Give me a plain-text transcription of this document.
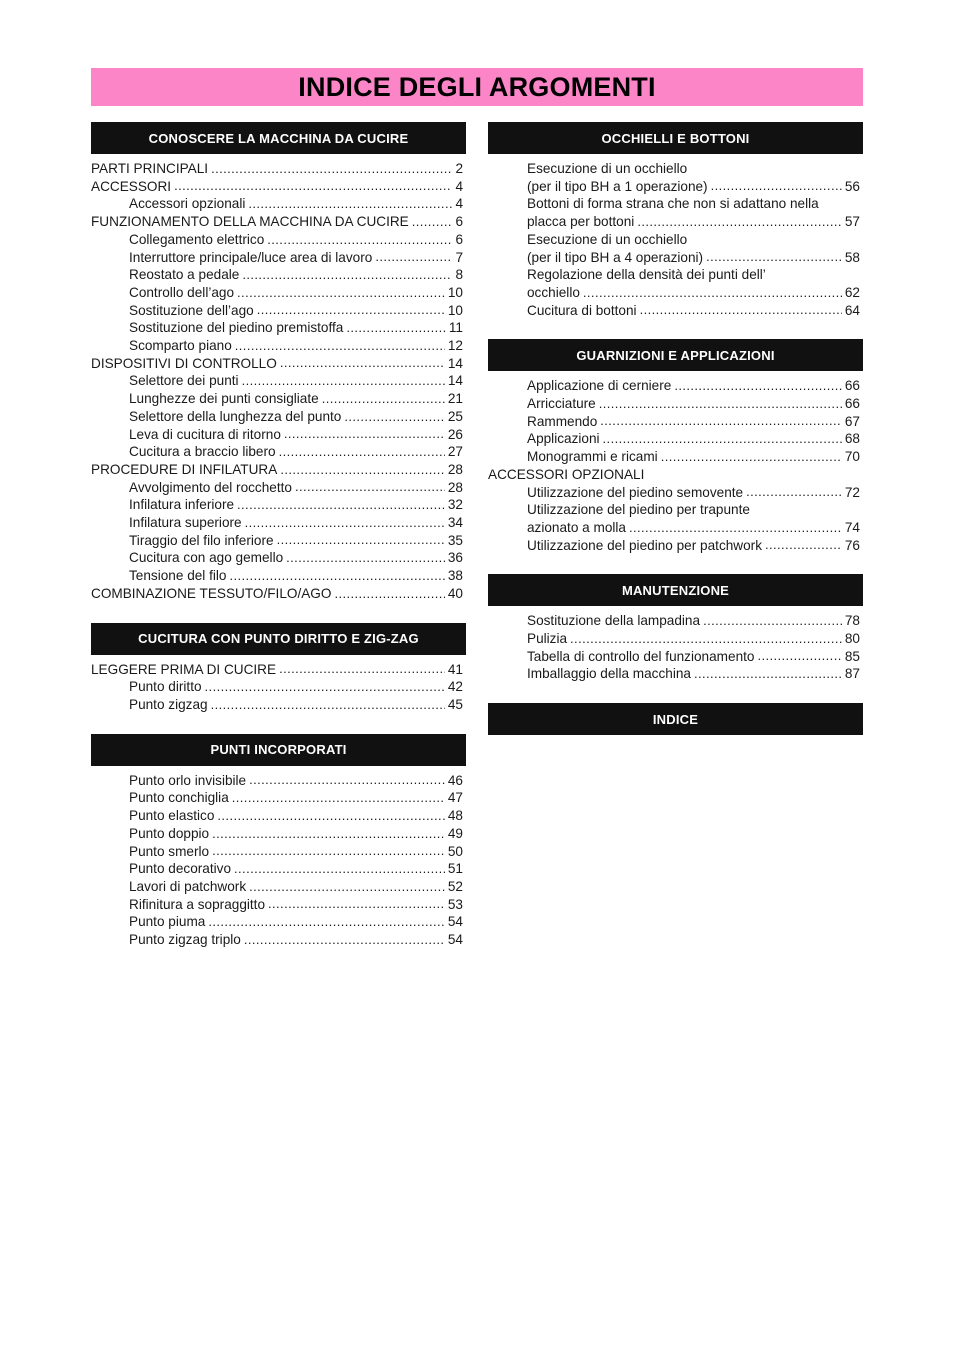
INDICE DEGLI ARGOMENTI
CONOSCERE LA MACCHINA DA CUCIRE
PARTI PRINCIPALI .....	2
ACCESSORI .....	4
Accessori opzionali .....	4
FUNZIONAMENTO DELLA MACCHINA DA CUCIRE .....	6
Collegamento elettrico .....	6
Interruttore principale/luce area di lavoro .....	7
Reostato a pedale .....	8
Controllo dell’ago .....	10
Sostituzione dell’ago .....	10
Sostituzione del piedino premistoffa .....	11
Scomparto piano .....	12
DISPOSITIVI DI CONTROLLO .....	14
Selettore dei punti .....	14
Lunghezze dei punti consigliate .....	21
Selettore della lunghezza del punto .....	25
Leva di cucitura di ritorno .....	26
Cucitura a braccio libero .....	27
PROCEDURE DI INFILATURA .....	28
Avvolgimento del rocchetto .....	28
Infilatura inferiore .....	32
Infilatura superiore .....	34
Tiraggio del filo inferiore .....	35
Cucitura con ago gemello .....	36
Tensione del filo .....	38
COMBINAZIONE TESSUTO/FILO/AGO .....	40
CUCITURA CON PUNTO DIRITTO E ZIG-ZAG
LEGGERE PRIMA DI CUCIRE .....	41
Punto diritto .....	42
Punto zigzag .....	45
PUNTI INCORPORATI
Punto orlo invisibile .....	46
Punto conchiglia .....	47
Punto elastico .....	48
Punto doppio .....	49
Punto smerlo .....	50
Punto decorativo .....	51
Lavori di patchwork .....	52
Rifinitura a sopraggitto .....	53
Punto piuma .....	54
Punto zigzag triplo .....	54
OCCHIELLI E BOTTONI
Esecuzione di un occhiello
(per il tipo BH a 1 operazione) .....	56
Bottoni di forma strana che non si adattano nella
placca per bottoni .....	57
Esecuzione di un occhiello
(per il tipo BH a 4 operazioni) .....	58
Regolazione della densità dei punti dell’
occhiello .....	62
Cucitura di bottoni .....	64
GUARNIZIONI E APPLICAZIONI
Applicazione di cerniere .....	66
Arricciature .....	66
Rammendo .....	67
Applicazioni .....	68
Monogrammi e ricami .....	70
ACCESSORI OPZIONALI
Utilizzazione del piedino semovente .....	72
Utilizzazione del piedino per trapunte
azionato a molla .....	74
Utilizzazione del piedino per patchwork .....	76
MANUTENZIONE
Sostituzione della lampadina .....	78
Pulizia .....	80
Tabella di controllo del funzionamento .....	85
Imballaggio della macchina .....	87
INDICE
